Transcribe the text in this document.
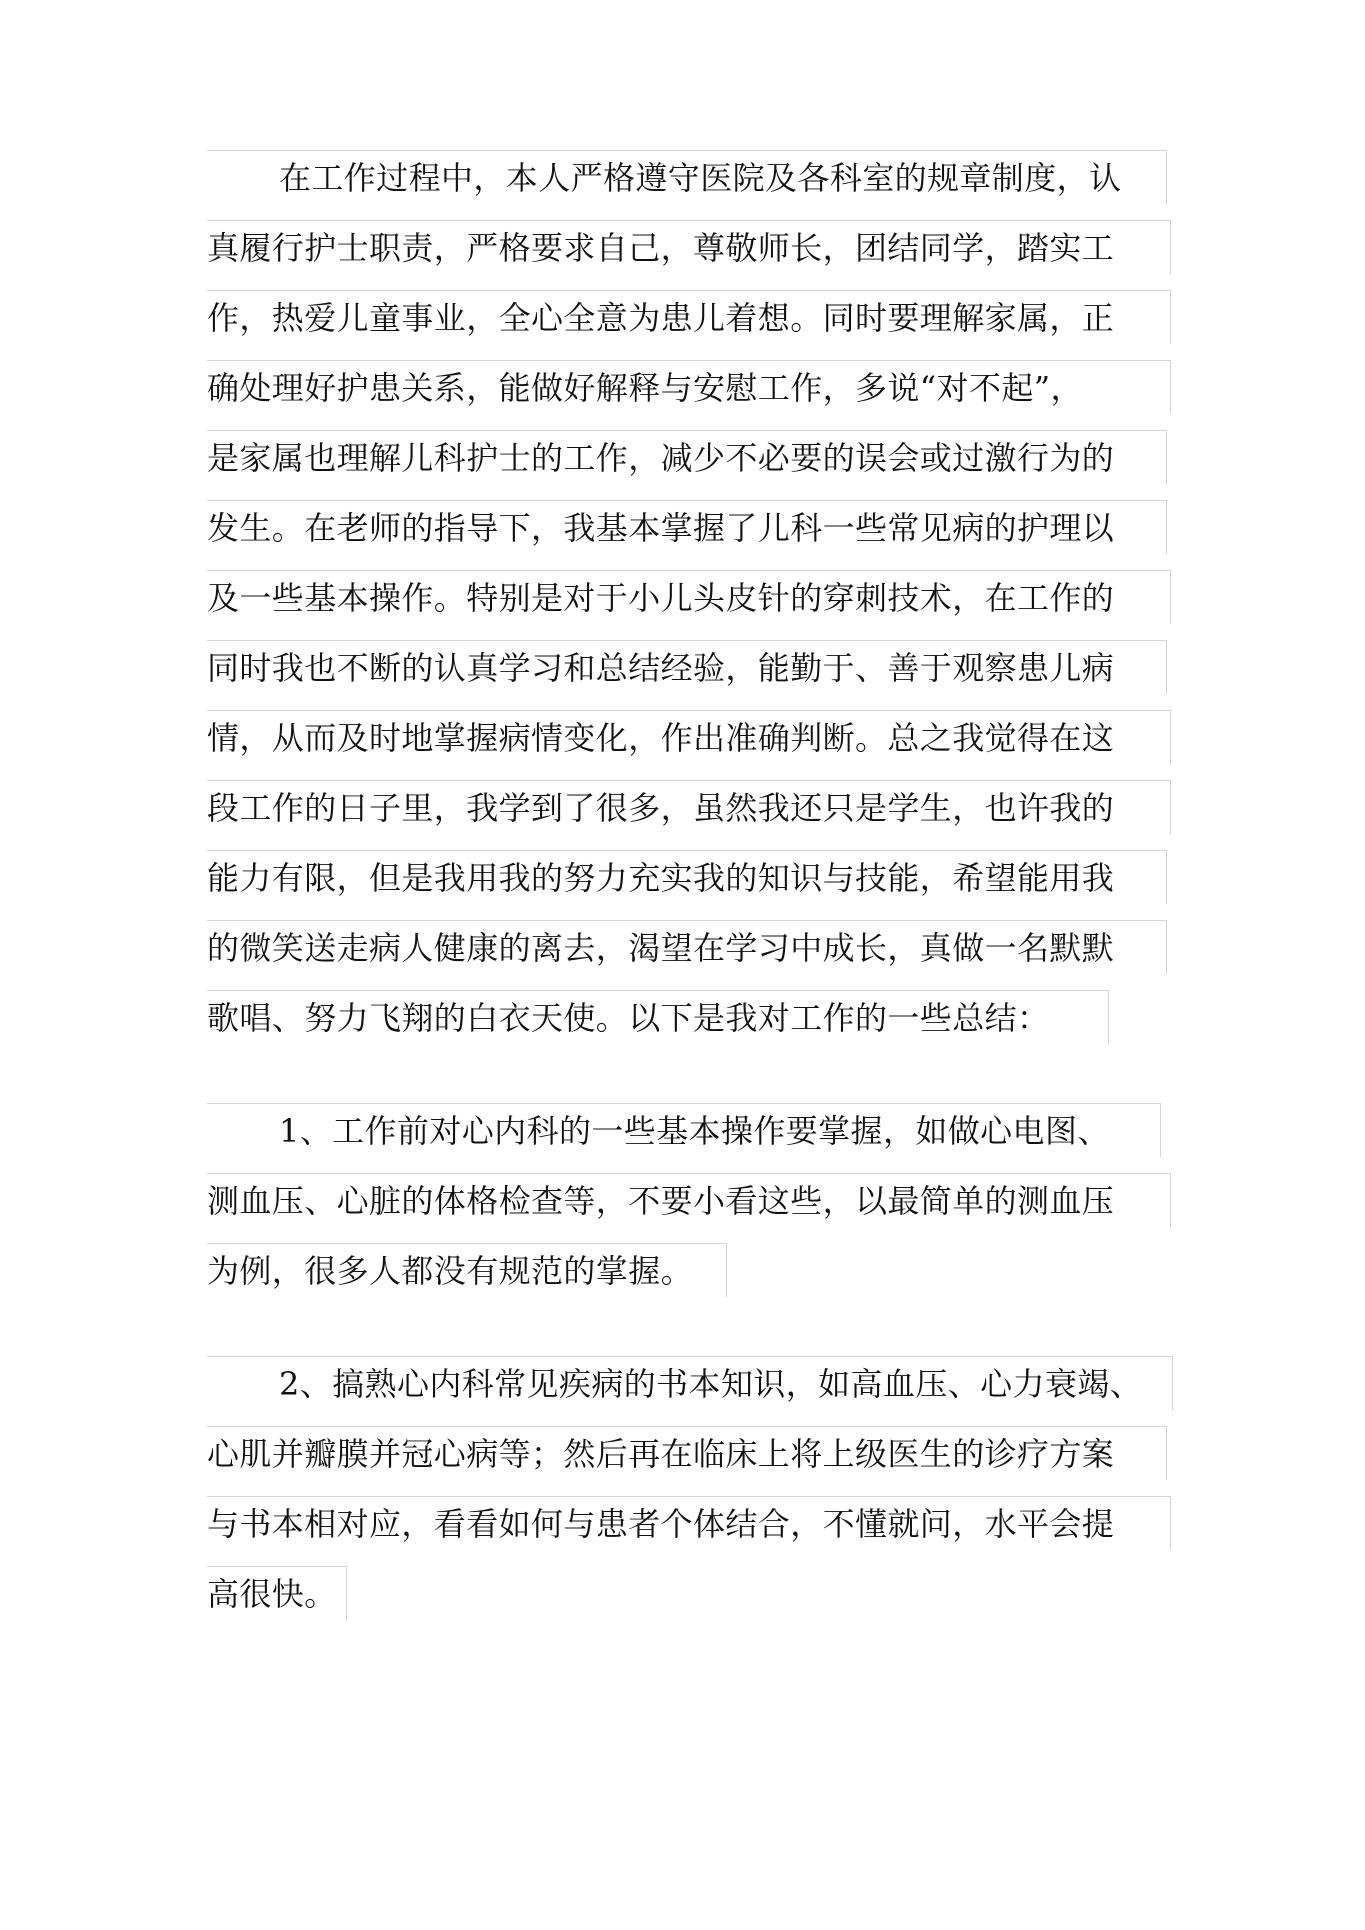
在工作过程中，本人严格遵守医院及各科室的规章制度，认
真履行护士职责，严格要求自己，尊敬师长，团结同学，踏实工
作，热爱儿童事业，全心全意为患儿着想。同时要理解家属，正
确处理好护患关系，能做好解释与安慰工作，多说“对不起”，
是家属也理解儿科护士的工作，减少不必要的误会或过激行为的
发生。在老师的指导下，我基本掌握了儿科一些常见病的护理以
及一些基本操作。特别是对于小儿头皮针的穿刺技术，在工作的
同时我也不断的认真学习和总结经验，能勤于、善于观察患儿病
情，从而及时地掌握病情变化，作出准确判断。总之我觉得在这
段工作的日子里，我学到了很多，虽然我还只是学生，也许我的
能力有限，但是我用我的努力充实我的知识与技能，希望能用我
的微笑送走病人健康的离去，渴望在学习中成长，真做一名默默
歌唱、努力飞翔的白衣天使。以下是我对工作的一些总结：
1、工作前对心内科的一些基本操作要掌握，如做心电图、
测血压、心脏的体格检查等，不要小看这些，以最简单的测血压
为例，很多人都没有规范的掌握。
2、搞熟心内科常见疾病的书本知识，如高血压、心力衰竭、
心肌并瓣膜并冠心病等；然后再在临床上将上级医生的诊疗方案
与书本相对应，看看如何与患者个体结合，不懂就问，水平会提
高很快。
